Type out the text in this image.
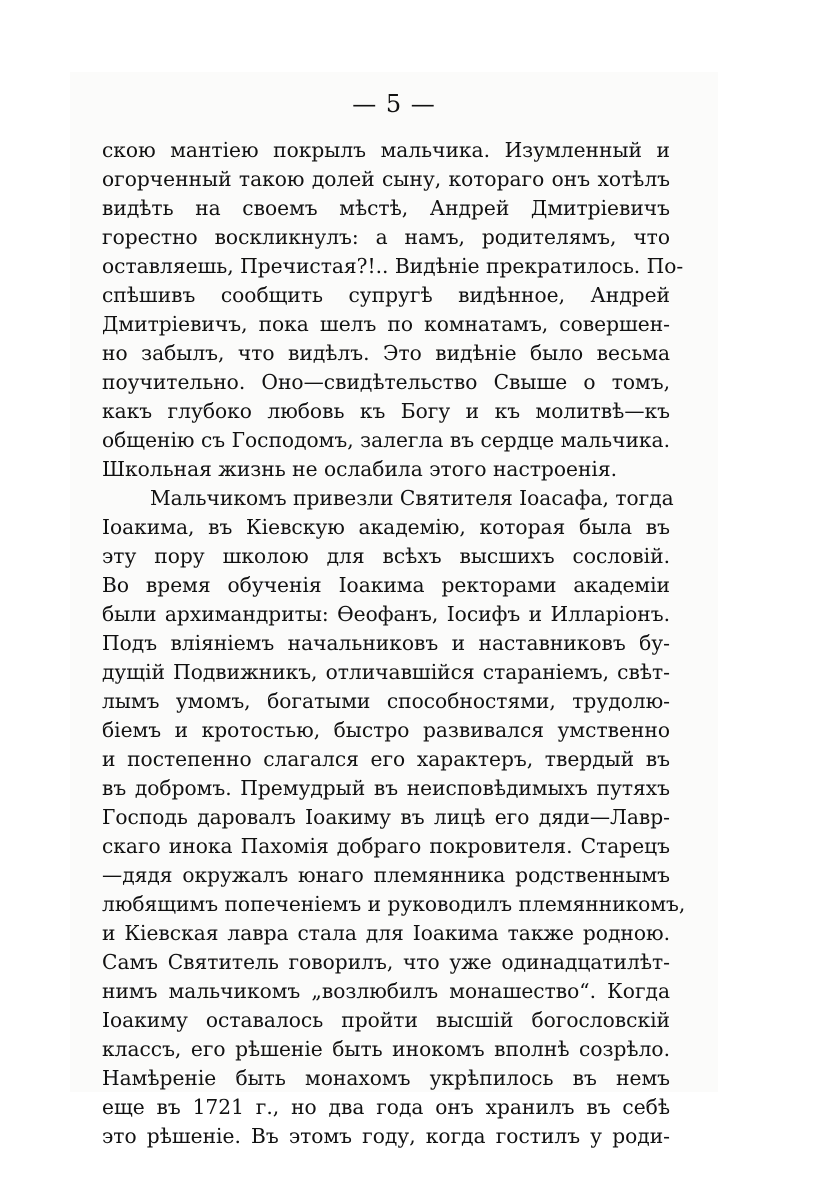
— 5 —
скою мантіею покрылъ мальчика. Изумленный и
огорченный такою долей сыну, котораго онъ хотѣлъ
видѣть на своемъ мѣстѣ, Андрей Дмитріевичъ
горестно воскликнулъ: а намъ, родителямъ, что
оставляешь, Пречистая?!.. Видѣніе прекратилось. По-
спѣшивъ сообщить супругѣ видѣнное, Андрей
Дмитріевичъ, пока шелъ по комнатамъ, совершен-
но забылъ, что видѣлъ. Это видѣніе было весьма
поучительно. Оно—свидѣтельство Свыше о томъ,
какъ глубоко любовь къ Богу и къ молитвѣ—къ
общенію съ Господомъ, залегла въ сердце мальчика.
Школьная жизнь не ослабила этого настроенія.
Мальчикомъ привезли Святителя Іоасафа, тогда
Іоакима, въ Кіевскую академію, которая была въ
эту пору школою для всѣхъ высшихъ сословій.
Во время обученія Іоакима ректорами академіи
были архимандриты: Ѳеофанъ, Іосифъ и Илларіонъ.
Подъ вліяніемъ начальниковъ и наставниковъ бу-
дущій Подвижникъ, отличавшійся стараніемъ, свѣт-
лымъ умомъ, богатыми способностями, трудолю-
біемъ и кротостью, быстро развивался умственно
и постепенно слагался его характеръ, твердый въ
въ добромъ. Премудрый въ неисповѣдимыхъ путяхъ
Господь даровалъ Іоакиму въ лицѣ его дяди—Лавр-
скаго инока Пахомія добраго покровителя. Старецъ
—дядя окружалъ юнаго племянника родственнымъ
любящимъ попеченіемъ и руководилъ племянникомъ,
и Кіевская лавра стала для Іоакима также родною.
Самъ Святитель говорилъ, что уже одинадцатилѣт-
нимъ мальчикомъ „возлюбилъ монашество“. Когда
Іоакиму оставалось пройти высшій богословскій
классъ, его рѣшеніе быть инокомъ вполнѣ созрѣло.
Намѣреніе быть монахомъ укрѣпилось въ немъ
еще въ 1721 г., но два года онъ хранилъ въ себѣ
это рѣшеніе. Въ этомъ году, когда гостилъ у роди-
